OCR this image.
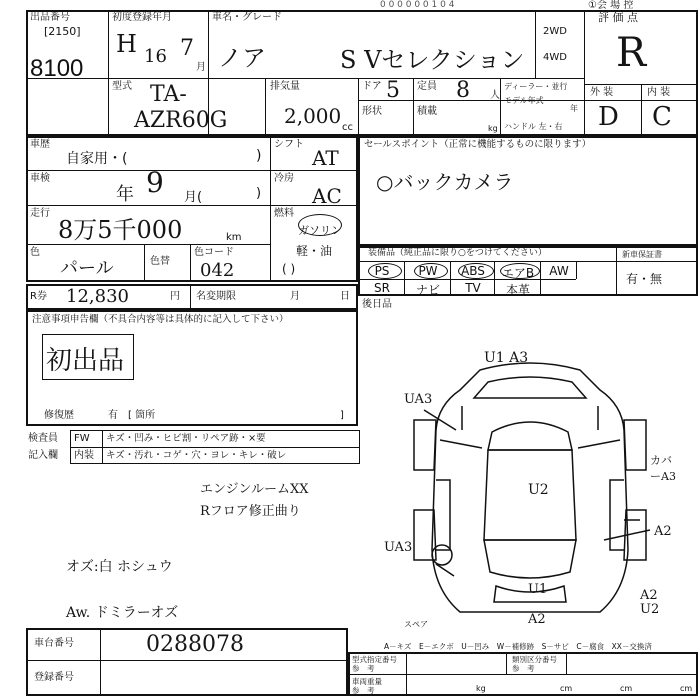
0 0 0 0 0 0 1 0 4	①会 場 控
出品番号
[2150]
8100
初度登録年月
H 16 7
月
車名・グレード
ノア	S Vセレクション
2WD
4WD
評 価 点
R
型式 TA-
AZR60G
排気量
2,000 cc
ドア 5 定員 8 人
形状	積載
kg
ディーラー・並行
モデル年式
年
ハンドル 左・右
外 装	内 装
D C
車歴
自家用・(	)
シフト
AT
車検
年 9 月(	)
冷房
AC
走行
8万5千000	km
燃料
ガソリン
軽・油
( )
色
パール	色替
色コード
042
セールスポイント（正常に機能するものに限ります）
○バックカメラ
装備品（純正品に限り○をつけてください）	新車保証書
有・無
PS	PW	ABS	エアB	AW
SR	ナビ	TV	本革
後日品
R券 12,830	円 名変期限	月	日
注意事項申告欄（不具合内容等は具体的に記入して下さい）
初出品
修復歴	有　[ 箇所	]
検査員
記入欄
FW キズ・凹み・ヒビ割・リペア跡・×要
内装 キズ・汚れ・コゲ・穴・ヨレ・キレ・破レ
エンジンルームXX
Rフロア修正曲り
オズ:白 ホシュウ
Aw. ドミラーオズ
U1 A3
UA3
カバーA3
U2
A2
UA3
U1
A2
A2
U2
スペア
A－キズ　E－エクボ　U－凹み　W－補修跡　S－サビ　C－腐食　XX－交換済
車台番号	0288078
登録番号
型式指定番号
参　考
類別区分番号
参　考
車両重量
参　考	kg	cm	cm	cm
